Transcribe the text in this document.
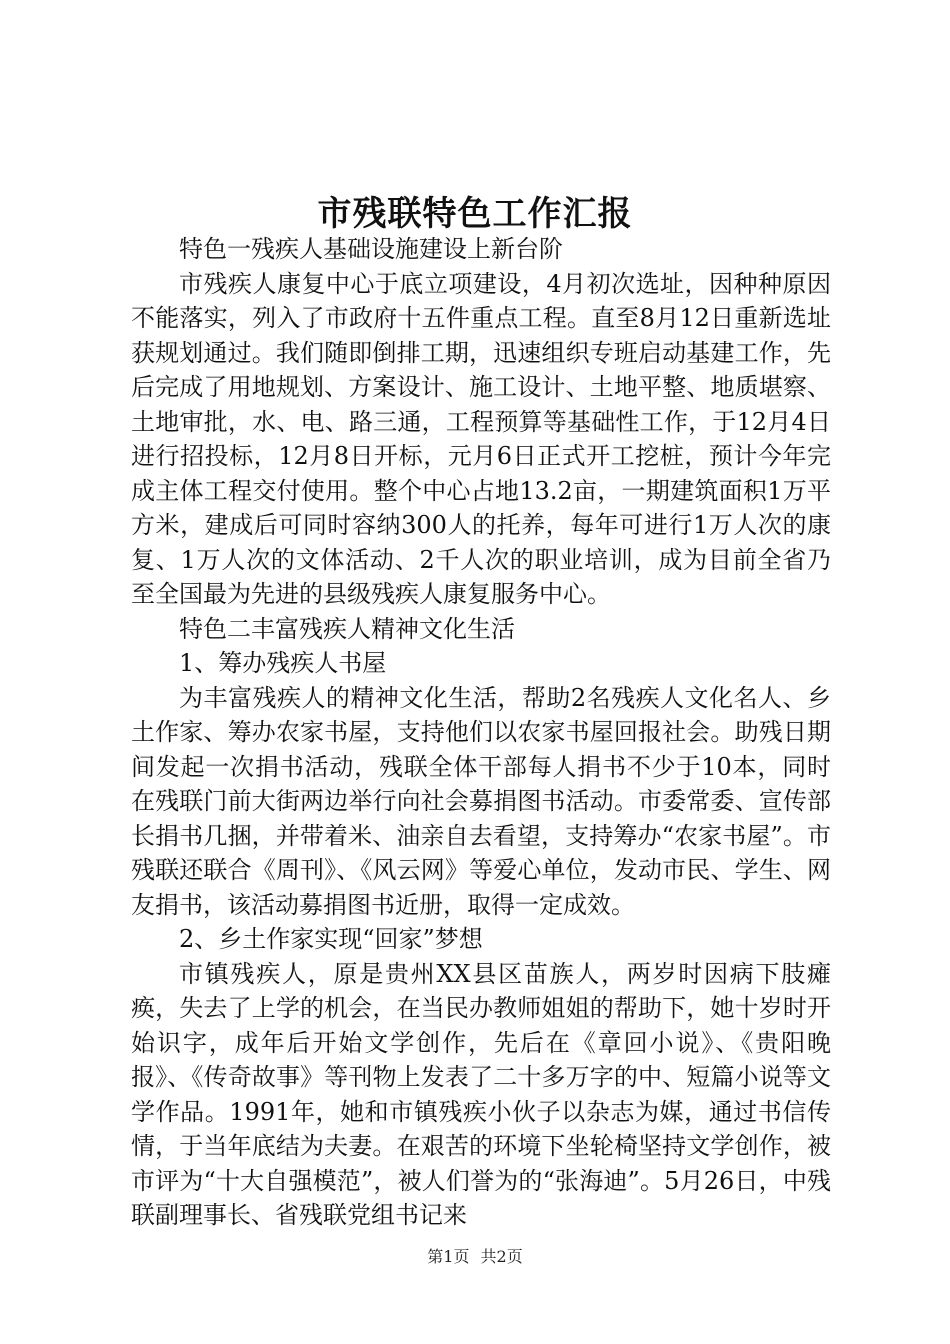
市残联特色工作汇报

特色一残疾人基础设施建设上新台阶

市残疾人康复中心于底立项建设，4月初次选址，因种种原因不能落实，列入了市政府十五件重点工程。直至8月12日重新选址获规划通过。我们随即倒排工期，迅速组织专班启动基建工作，先后完成了用地规划、方案设计、施工设计、土地平整、地质堪察、土地审批，水、电、路三通，工程预算等基础性工作，于12月4日进行招投标，12月8日开标，元月6日正式开工挖桩，预计今年完成主体工程交付使用。整个中心占地13.2亩，一期建筑面积1万平方米，建成后可同时容纳300人的托养，每年可进行1万人次的康复、1万人次的文体活动、2千人次的职业培训，成为目前全省乃至全国最为先进的县级残疾人康复服务中心。

特色二丰富残疾人精神文化生活

1、筹办残疾人书屋

为丰富残疾人的精神文化生活，帮助2名残疾人文化名人、乡土作家、筹办农家书屋，支持他们以农家书屋回报社会。助残日期间发起一次捐书活动，残联全体干部每人捐书不少于10本，同时在残联门前大街两边举行向社会募捐图书活动。市委常委、宣传部长捐书几捆，并带着米、油亲自去看望，支持筹办“农家书屋”。市残联还联合《周刊》、《风云网》等爱心单位，发动市民、学生、网友捐书，该活动募捐图书近册，取得一定成效。

2、乡土作家实现“回家”梦想

市镇残疾人，原是贵州XX县区苗族人，两岁时因病下肢瘫痪，失去了上学的机会，在当民办教师姐姐的帮助下，她十岁时开始识字，成年后开始文学创作，先后在《章回小说》、《贵阳晚报》、《传奇故事》等刊物上发表了二十多万字的中、短篇小说等文学作品。1991年，她和市镇残疾小伙子以杂志为媒，通过书信传情，于当年底结为夫妻。在艰苦的环境下坐轮椅坚持文学创作，被市评为“十大自强模范”，被人们誉为的“张海迪”。5月26日，中残联副理事长、省残联党组书记来

第1页 共2页
